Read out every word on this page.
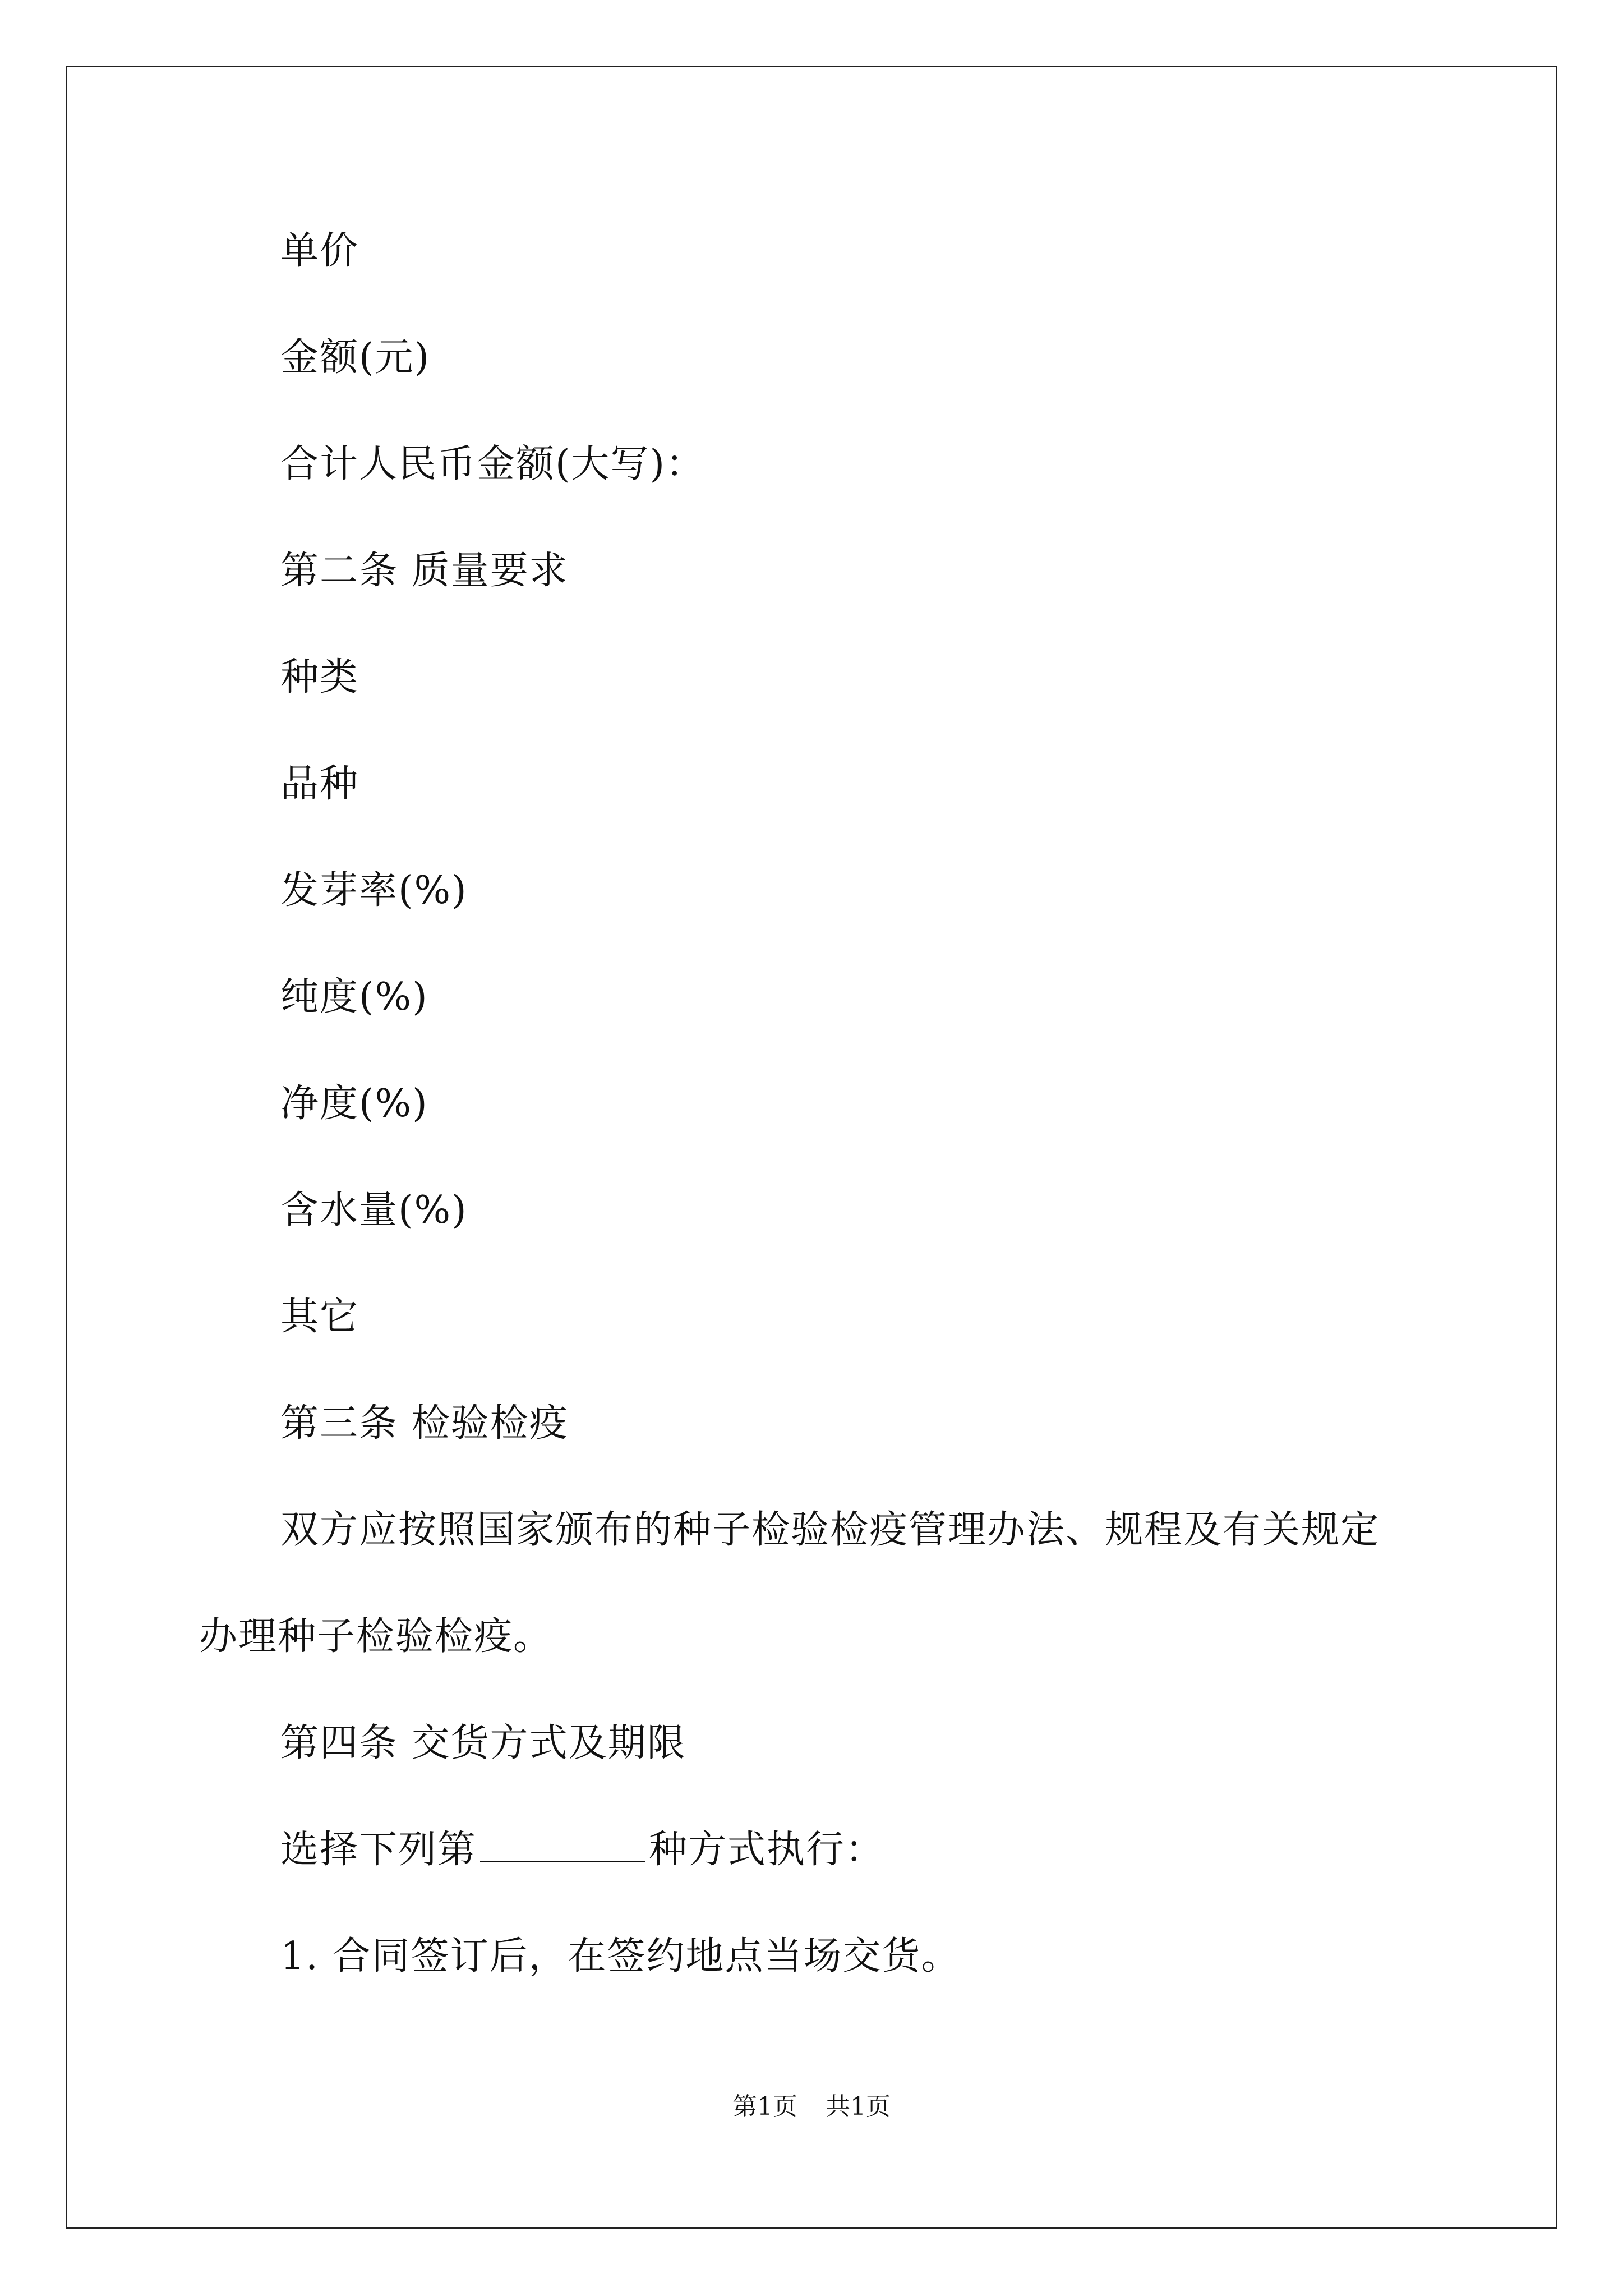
单价
金额(元)
合计人民币金额(大写)：
第二条 质量要求
种类
品种
发芽率(%)
纯度(%)
净度(%)
含水量(%)
其它
第三条 检验检疫
双方应按照国家颁布的种子检验检疫管理办法、规程及有关规定
办理种子检验检疫。
第四条 交货方式及期限
选择下列第	种方式执行：
1. 合同签订后，在签约地点当场交货。
第1页 共1页
